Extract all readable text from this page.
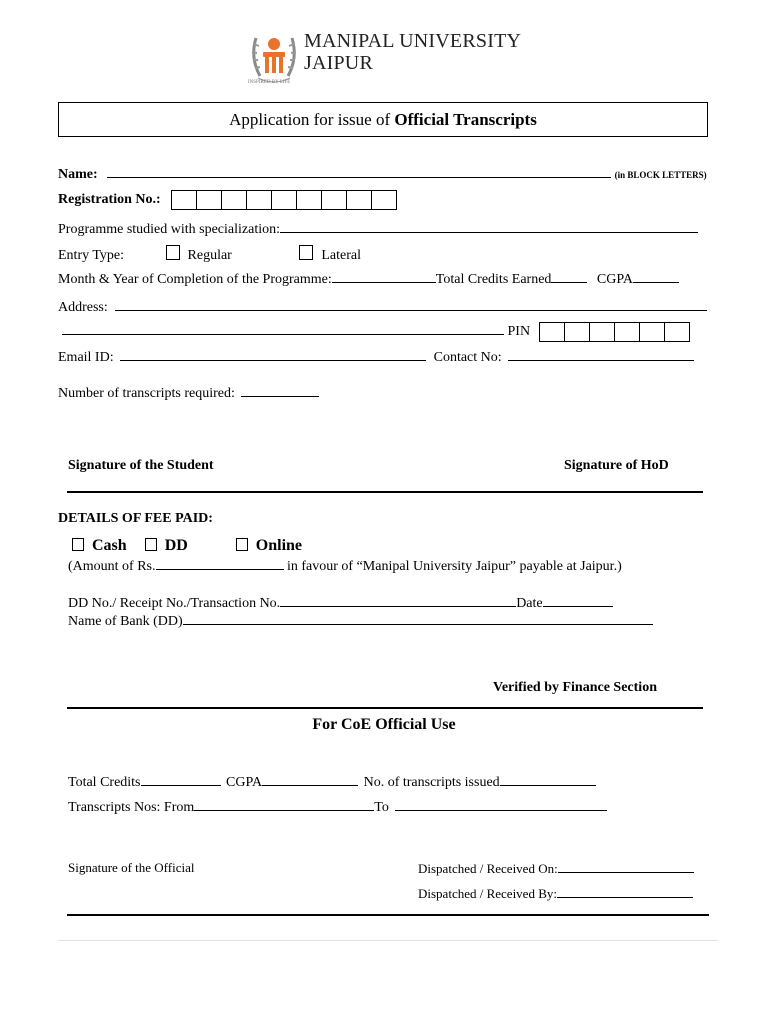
MANIPAL UNIVERSITY
JAIPUR
INSPIRED BY LIFE
Application for issue of Official Transcripts
Name:	(in BLOCK LETTERS)
Registration No.:
Programme studied with specialization:
Entry Type:	Regular	Lateral
Month & Year of Completion of the Programme:	Total Credits Earned	CGPA
Address:
PIN
Email ID:	Contact No:
Number of transcripts required:
Signature of the Student	Signature of HoD
DETAILS OF FEE PAID:
Cash DD	Online
(Amount of Rs.	in favour of “Manipal University Jaipur” payable at Jaipur.)
DD No./ Receipt No./Transaction No.	Date
Name of Bank (DD)
Verified by Finance Section
For CoE Official Use
Total Credits	CGPA	No. of transcripts issued
Transcripts Nos: From	To
Signature of the Official	Dispatched / Received On:
Dispatched / Received By:
